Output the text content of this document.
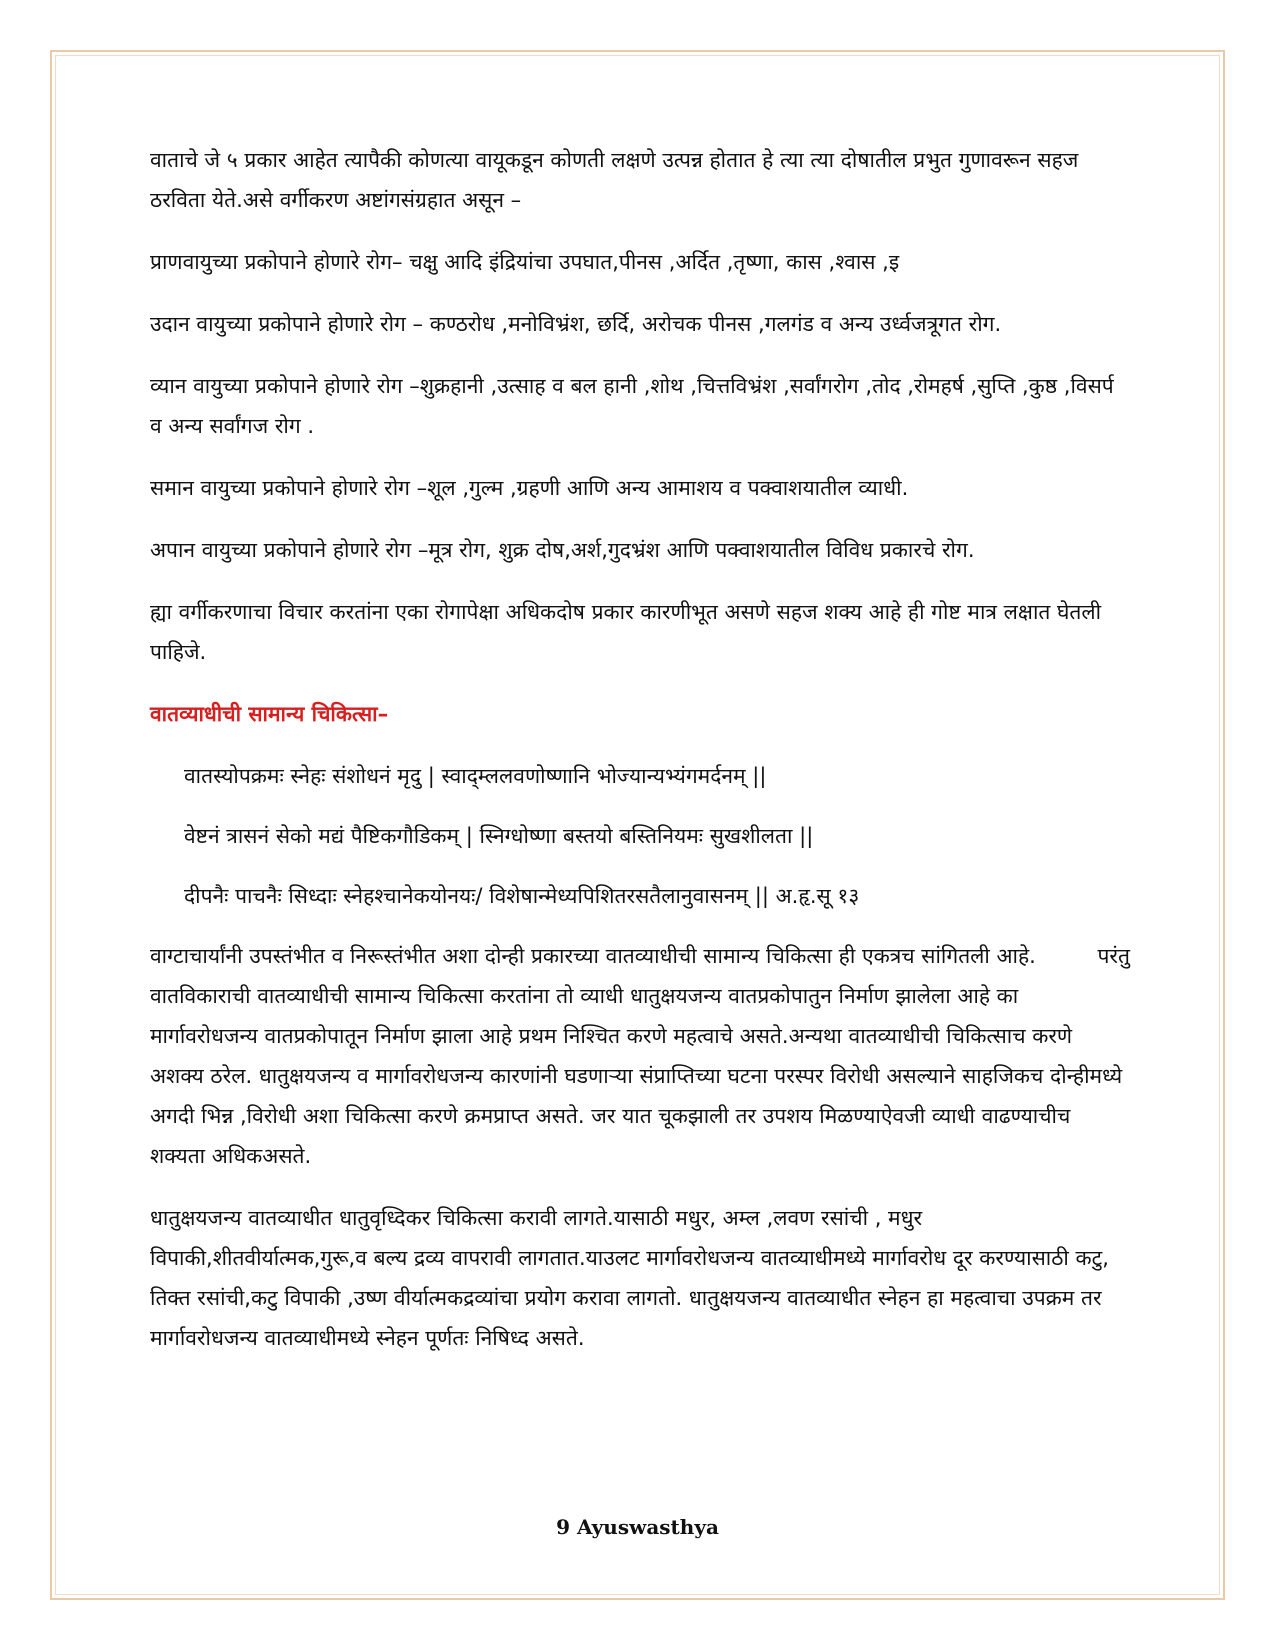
वाताचे जे ५ प्रकार आहेत त्यापैकी कोणत्या वायूकडून कोणती लक्षणे उत्पन्न होतात हे त्या त्या दोषातील प्रभुत गुणावरून सहज ठरविता येते.असे वर्गीकरण अष्टांगसंग्रहात असून –

प्राणवायुच्या प्रकोपाने होणारे रोग– चक्षु आदि इंद्रियांचा उपघात,पीनस ,अर्दित ,तृष्णा, कास ,श्वास ,इ

उदान वायुच्या प्रकोपाने होणारे रोग – कण्ठरोध ,मनोविभ्रंश, छर्दि, अरोचक पीनस ,गलगंड व अन्य उर्ध्वजत्रूगत रोग.

व्यान वायुच्या प्रकोपाने होणारे रोग –शुक्रहानी ,उत्साह व बल हानी ,शोथ ,चित्तविभ्रंश ,सर्वांगरोग ,तोद ,रोमहर्ष ,सुप्ति ,कुष्ठ ,विसर्प व अन्य सर्वांगज रोग .

समान वायुच्या प्रकोपाने होणारे रोग –शूल ,गुल्म ,ग्रहणी आणि अन्य आमाशय व पक्वाशयातील व्याधी.

अपान वायुच्या प्रकोपाने होणारे रोग –मूत्र रोग, शुक्र दोष,अर्श,गुदभ्रंश आणि पक्वाशयातील विविध प्रकारचे रोग.

ह्या वर्गीकरणाचा विचार करतांना एका रोगापेक्षा अधिकदोष प्रकार कारणीभूत असणे सहज शक्य आहे ही गोष्ट मात्र लक्षात घेतली पाहिजे.

वातव्याधीची सामान्य चिकित्सा–

वातस्योपक्रमः स्नेहः संशोधनं मृदु | स्वाद्म्ललवणोष्णानि भोज्यान्यभ्यंगमर्दनम् ||

वेष्टनं त्रासनं सेको मद्यं पैष्टिकगौडिकम् | स्निग्धोष्णा बस्तयो बस्तिनियमः सुखशीलता ||

दीपनैः पाचनैः सिध्दाः स्नेहश्चानेकयोनयः/ विशेषान्मेध्यपिशितरसतैलानुवासनम् || अ.हृ.सू १३

वाग्टाचार्यांनी उपस्तंभीत व निरूस्तंभीत अशा दोन्ही प्रकारच्या वातव्याधीची सामान्य चिकित्सा ही एकत्रच सांगितली आहे.	परंतु

वातविकाराची वातव्याधीची सामान्य चिकित्सा करतांना तो व्याधी धातुक्षयजन्य वातप्रकोपातुन निर्माण झालेला आहे का मार्गावरोधजन्य वातप्रकोपातून निर्माण झाला आहे प्रथम निश्चित करणे महत्वाचे असते.अन्यथा वातव्याधीची चिकित्साच करणे अशक्य ठरेल. धातुक्षयजन्य व मार्गावरोधजन्य कारणांनी घडणाऱ्या संप्राप्तिच्या घटना परस्पर विरोधी असल्याने साहजिकच दोन्हीमध्ये अगदी भिन्न ,विरोधी अशा चिकित्सा करणे क्रमप्राप्त असते. जर यात चूकझाली तर उपशय मिळण्याऐवजी व्याधी वाढण्याचीच शक्यता अधिकअसते.

धातुक्षयजन्य वातव्याधीत धातुवृध्दिकर चिकित्सा करावी लागते.यासाठी मधुर, अम्ल ,लवण रसांची , मधुर विपाकी,शीतवीर्यात्मक,गुरू,व बल्य द्रव्य वापरावी लागतात.याउलट मार्गावरोधजन्य वातव्याधीमध्ये मार्गावरोध दूर करण्यासाठी कटु, तिक्त रसांची,कटु विपाकी ,उष्ण वीर्यात्मकद्रव्यांचा प्रयोग करावा लागतो. धातुक्षयजन्य वातव्याधीत स्नेहन हा महत्वाचा उपक्रम तर मार्गावरोधजन्य वातव्याधीमध्ये स्नेहन पूर्णतः निषिध्द असते.

9 Ayuswasthya
